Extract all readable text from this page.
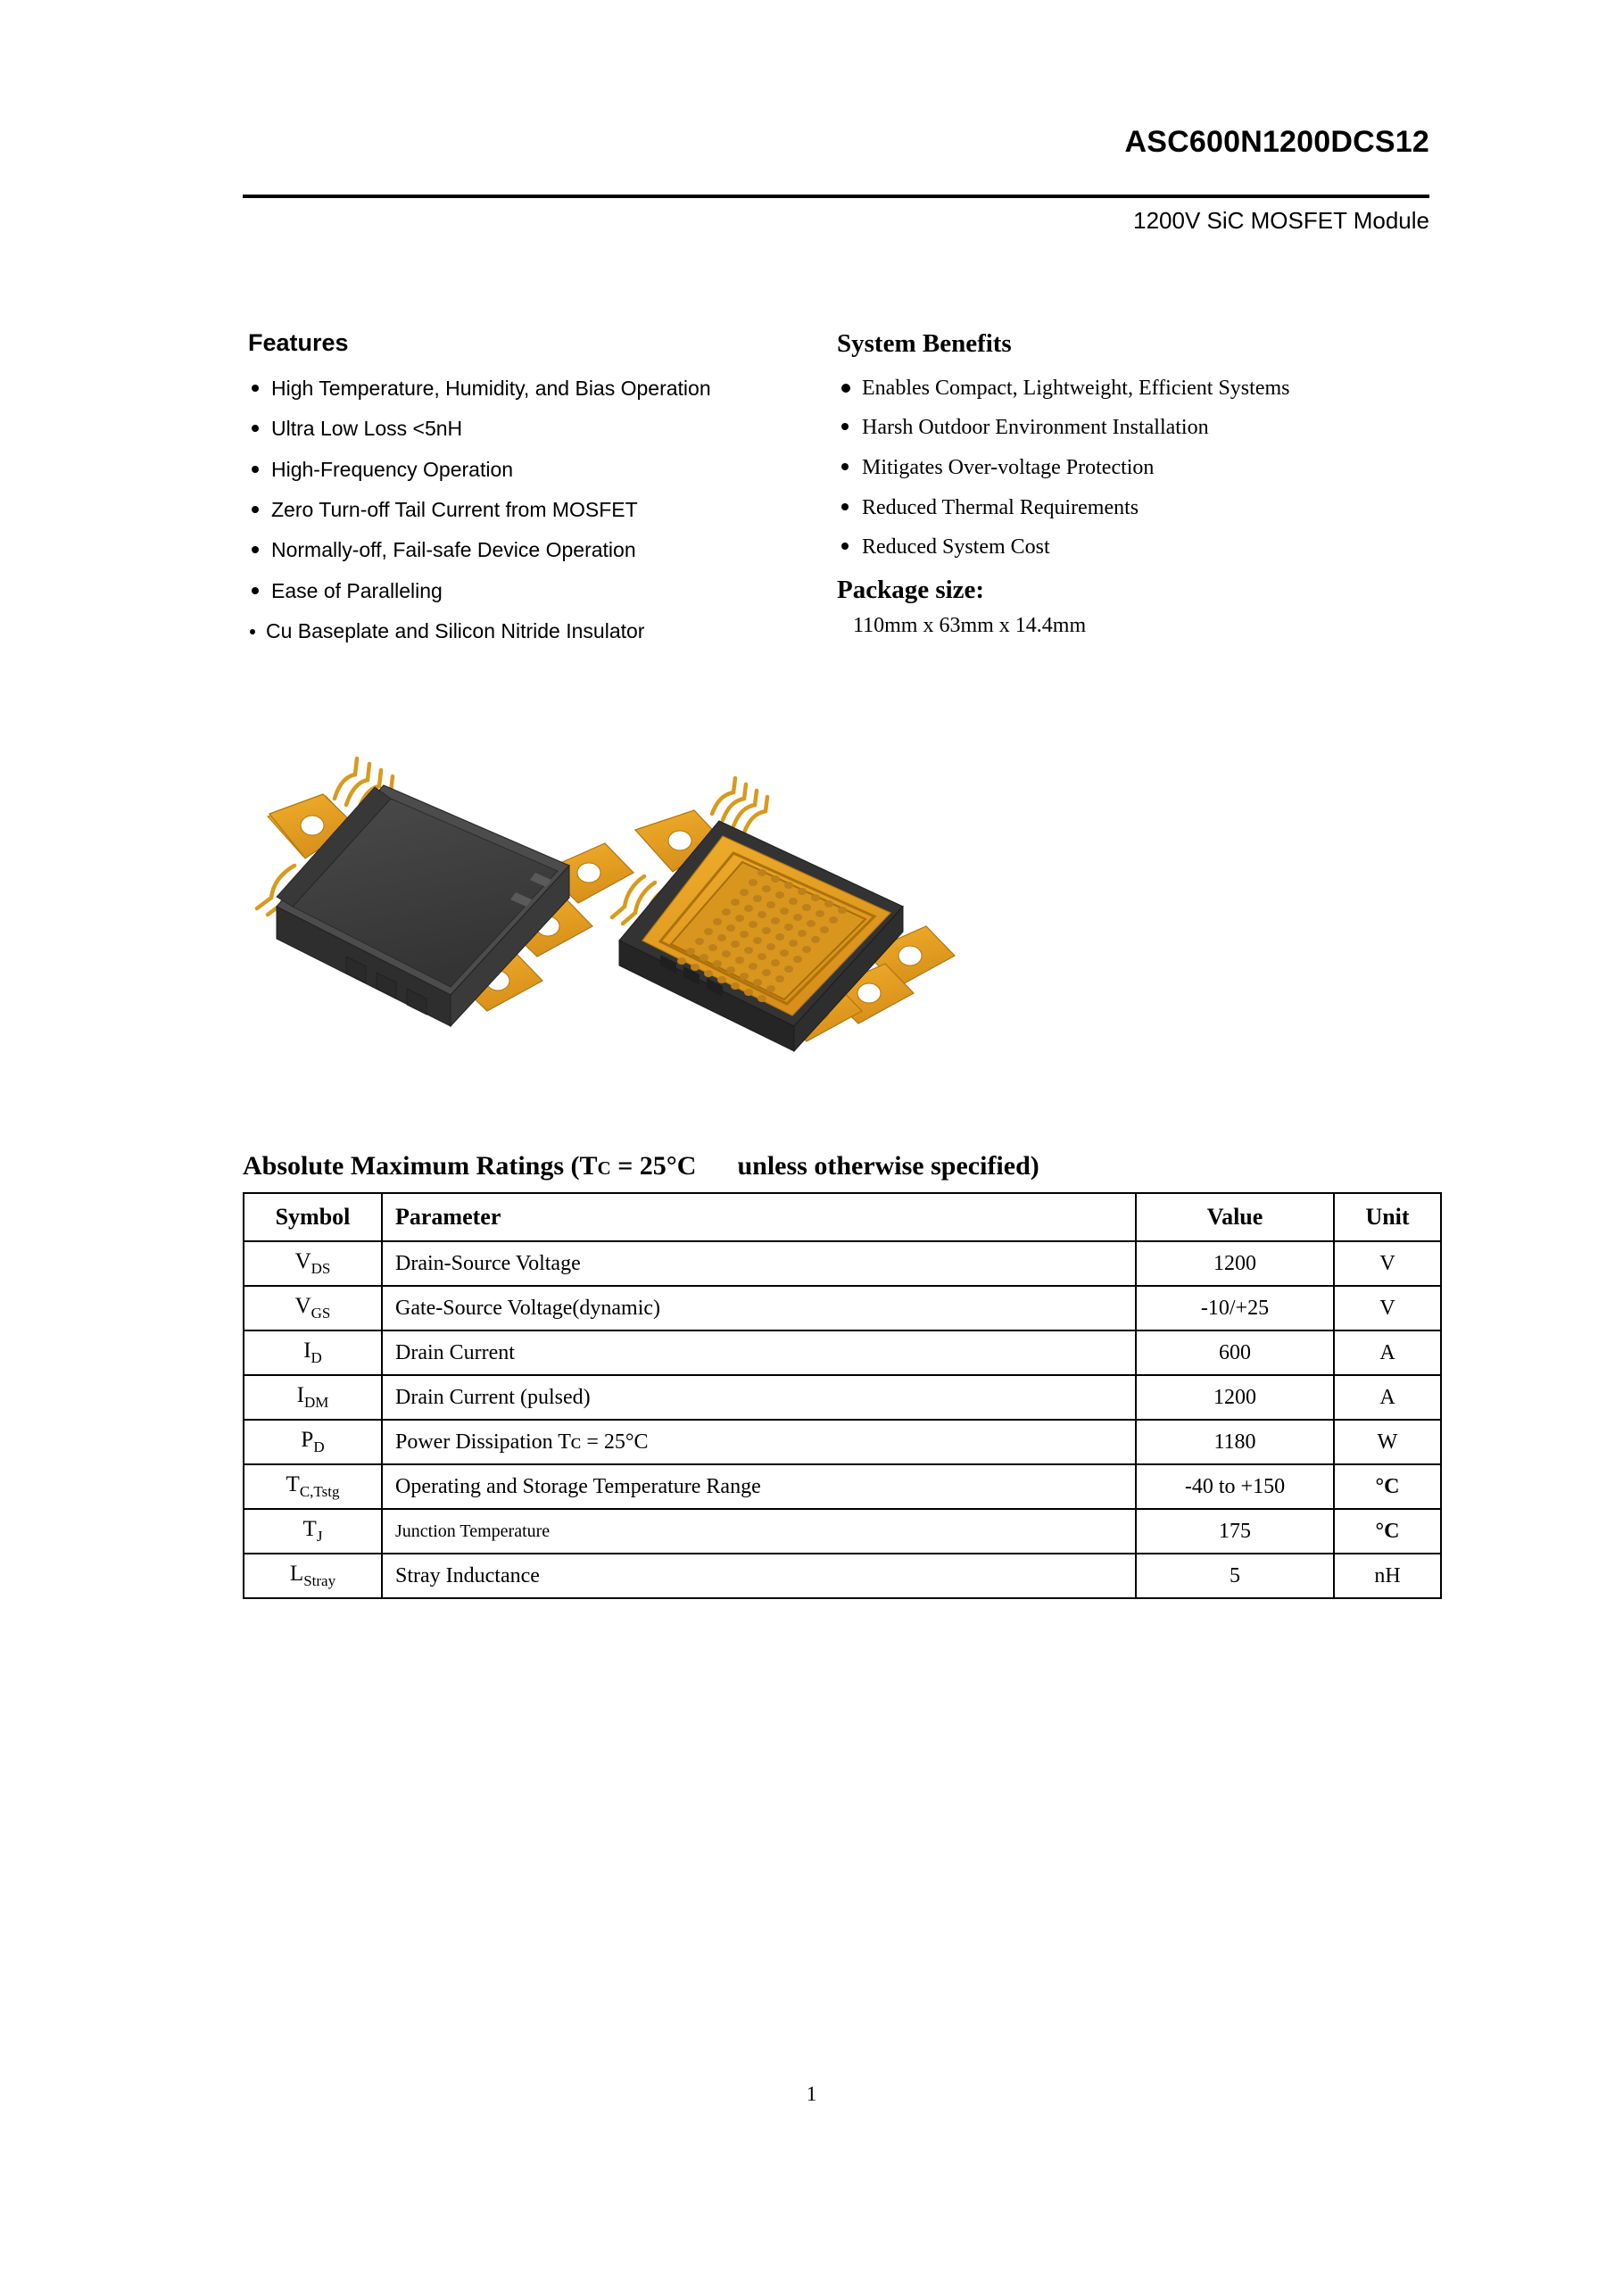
ASC600N1200DCS12
1200V SiC MOSFET Module
Features
High Temperature, Humidity, and Bias Operation
Ultra Low Loss <5nH
High-Frequency Operation
Zero Turn-off Tail Current from MOSFET
Normally-off, Fail-safe Device Operation
Ease of Paralleling
Cu Baseplate and Silicon Nitride Insulator
System Benefits
Enables Compact, Lightweight, Efficient Systems
Harsh Outdoor Environment Installation
Mitigates Over-voltage Protection
Reduced Thermal Requirements
Reduced System Cost
Package size:
110mm x 63mm x 14.4mm
Absolute Maximum Ratings (TC = 25°C unless otherwise specified)
Symbol	Parameter	Value	Unit
$V_{DS}$	Drain-Source Voltage	1200	V
$V_{GS}$	Gate-Source Voltage(dynamic)	-10/+25	V
$I_D$	Drain Current	600	A
$I_{DM}$	Drain Current (pulsed)	1200	A
$P_D$	Power Dissipation Tᴄ = 25°C	1180	W
$T_{C,Tstg}$	Operating and Storage Temperature Range	-40 to +150	°C
$T_J$	Junction Temperature	175	°C
$L_{Stray}$	Stray Inductance	5	nH
1
